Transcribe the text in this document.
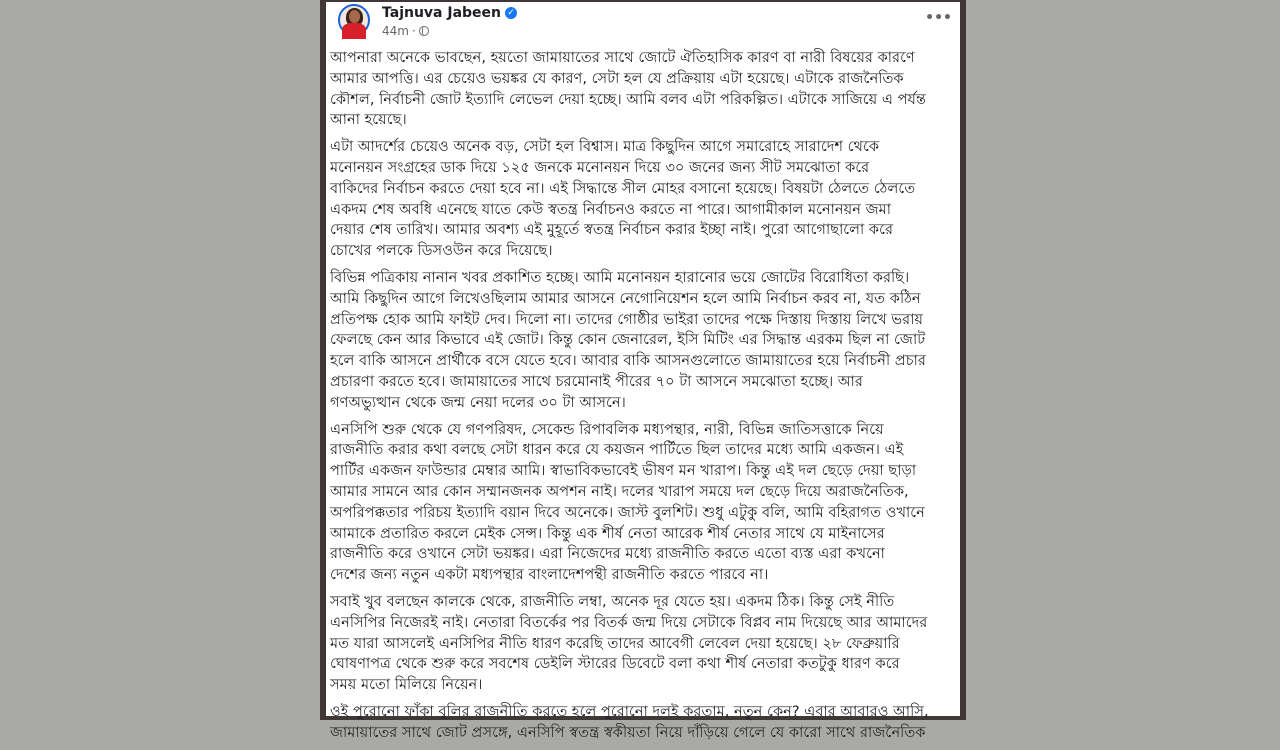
Tajnuva Jabeen ✓
44m ·
•••

আপনারা অনেকে ভাবছেন, হয়তো জামায়াতের সাথে জোটে ঐতিহাসিক কারণ বা নারী বিষয়ের কারণে
আমার আপত্তি। এর চেয়েও ভয়ঙ্কর যে কারণ, সেটা হল যে প্রক্রিয়ায় এটা হয়েছে। এটাকে রাজনৈতিক
কৌশল, নির্বাচনী জোট ইত্যাদি লেভেল দেয়া হচ্ছে। আমি বলব এটা পরিকল্পিত। এটাকে সাজিয়ে এ পর্যন্ত
আনা হয়েছে।

এটা আদর্শের চেয়েও অনেক বড়, সেটা হল বিশ্বাস। মাত্র কিছুদিন আগে সমারোহে সারাদেশ থেকে
মনোনয়ন সংগ্রহের ডাক দিয়ে ১২৫ জনকে মনোনয়ন দিয়ে ৩০ জনের জন্য সীট সমঝোতা করে
বাকিদের নির্বাচন করতে দেয়া হবে না। এই সিদ্ধান্তে সীল মোহর বসানো হয়েছে। বিষয়টা ঠেলতে ঠেলতে
একদম শেষ অবধি এনেছে যাতে কেউ স্বতন্ত্র নির্বাচনও করতে না পারে। আগামীকাল মনোনয়ন জমা
দেয়ার শেষ তারিখ। আমার অবশ্য এই মুহূর্তে স্বতন্ত্র নির্বাচন করার ইচ্ছা নাই। পুরো আগোছালো করে
চোখের পলকে ডিসওউন করে দিয়েছে।

বিভিন্ন পত্রিকায় নানান খবর প্রকাশিত হচ্ছে। আমি মনোনয়ন হারানোর ভয়ে জোটের বিরোধিতা করছি।
আমি কিছুদিন আগে লিখেওছিলাম আমার আসনে নেগোনিয়েশন হলে আমি নির্বাচন করব না, যত কঠিন
প্রতিপক্ষ হোক আমি ফাইট দেব। দিলো না। তাদের গোষ্ঠীর ভাইরা তাদের পক্ষে দিস্তায় দিস্তায় লিখে ভরায়
ফেলছে কেন আর কিভাবে এই জোট। কিন্তু কোন জেনারেল, ইসি মিটিং এর সিদ্ধান্ত এরকম ছিল না জোট
হলে বাকি আসনে প্রার্থীকে বসে যেতে হবে। আবার বাকি আসনগুলোতে জামায়াতের হয়ে নির্বাচনী প্রচার
প্রচারণা করতে হবে। জামায়াতের সাথে চরমোনাই পীরের ৭০ টা আসনে সমঝোতা হচ্ছে। আর
গণঅভ্যুত্থান থেকে জন্ম নেয়া দলের ৩০ টা আসনে।

এনসিপি শুরু থেকে যে গণপরিষদ, সেকেন্ড রিপাবলিক মধ্যপন্থার, নারী, বিভিন্ন জাতিসত্তাকে নিয়ে
রাজনীতি করার কথা বলছে সেটা ধারন করে যে কয়জন পার্টিতে ছিল তাদের মধ্যে আমি একজন। এই
পার্টির একজন ফাউন্ডার মেম্বার আমি। স্বাভাবিকভাবেই ভীষণ মন খারাপ। কিন্তু এই দল ছেড়ে দেয়া ছাড়া
আমার সামনে আর কোন সম্মানজনক অপশন নাই। দলের খারাপ সময়ে দল ছেড়ে দিয়ে অরাজনৈতিক,
অপরিপক্কতার পরিচয় ইত্যাদি বয়ান দিবে অনেকে। জাস্ট বুলশিট। শুধু এটুকু বলি, আমি বহিরাগত ওখানে
আমাকে প্রতারিত করলে মেইক সেন্স। কিন্তু এক শীর্ষ নেতা আরেক শীর্ষ নেতার সাথে যে মাইনাসের
রাজনীতি করে ওখানে সেটা ভয়ঙ্কর। এরা নিজেদের মধ্যে রাজনীতি করতে এতো ব্যস্ত এরা কখনো
দেশের জন্য নতুন একটা মধ্যপন্থার বাংলাদেশপন্থী রাজনীতি করতে পারবে না।

সবাই খুব বলছেন কালকে থেকে, রাজনীতি লম্বা, অনেক দূর যেতে হয়। একদম ঠিক। কিন্তু সেই নীতি
এনসিপির নিজেরই নাই। নেতারা বিতর্কের পর বিতর্ক জন্ম দিয়ে সেটাকে বিপ্লব নাম দিয়েছে আর আমাদের
মত যারা আসলেই এনসিপির নীতি ধারণ করেছি তাদের আবেগী লেবেল দেয়া হয়েছে। ২৮ ফেব্রুয়ারি
ঘোষণাপত্র থেকে শুরু করে সবশেষ ডেইলি স্টারের ডিবেটে বলা কথা শীর্ষ নেতারা কতটুকু ধারণ করে
সময় মতো মিলিয়ে নিয়েন।

ওই পুরোনো ফাঁকা বুলির রাজনীতি করতে হলে পুরোনো দলই করতাম, নতুন কেন? এবার আবারও আসি,
জামায়াতের সাথে জোট প্রসঙ্গে, এনসিপি স্বতন্ত্র স্বকীয়তা নিয়ে দাঁড়িয়ে গেলে যে কারো সাথে রাজনৈতিক
